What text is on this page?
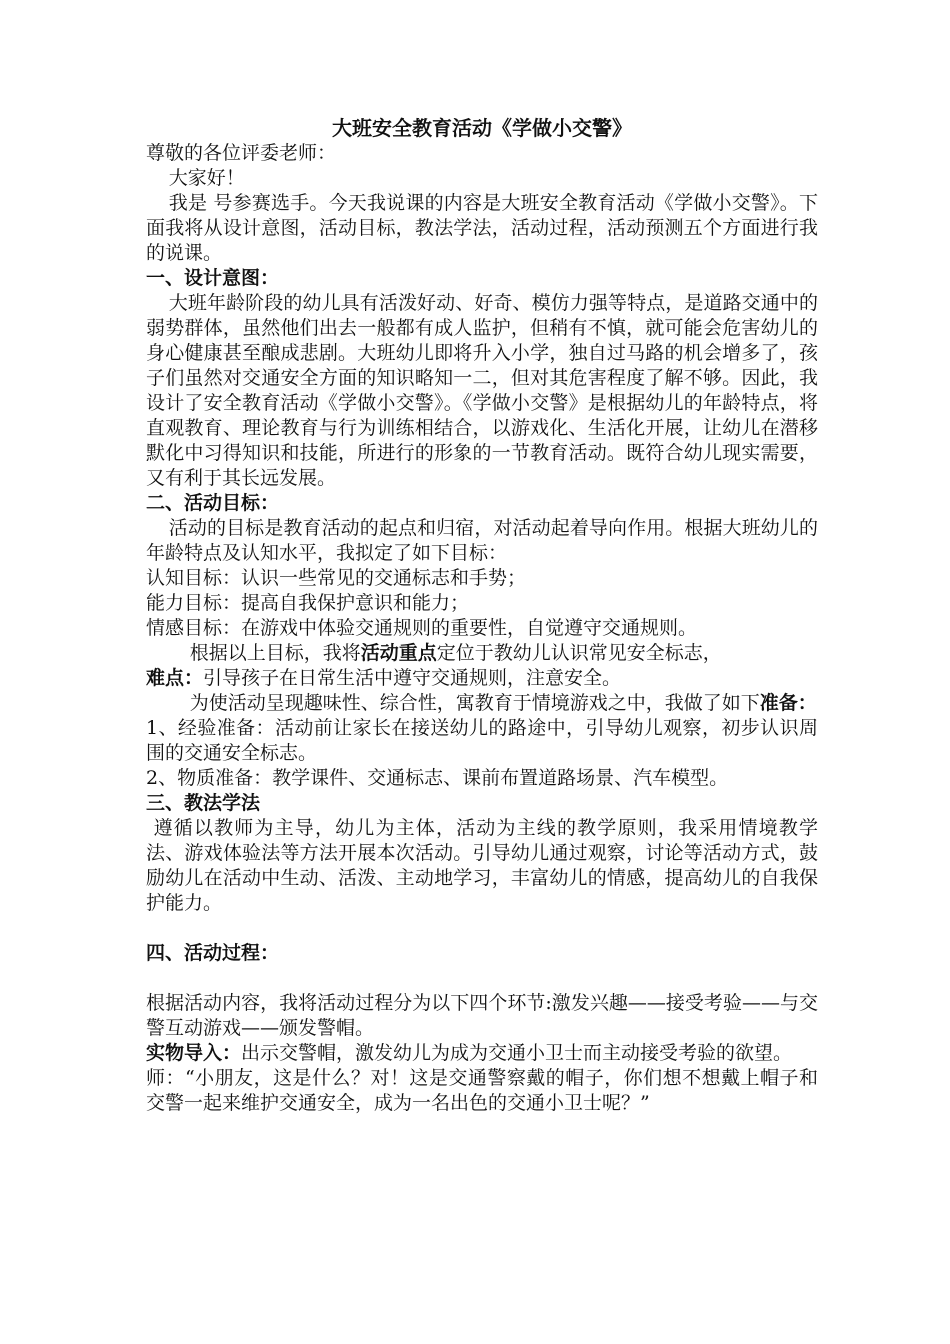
大班安全教育活动《学做小交警》

尊敬的各位评委老师：

大家好！

我是 号参赛选手。今天我说课的内容是大班安全教育活动《学做小交警》。下面我将从设计意图，活动目标，教法学法，活动过程，活动预测五个方面进行我的说课。

一、设计意图：

大班年龄阶段的幼儿具有活泼好动、好奇、模仿力强等特点，是道路交通中的弱势群体，虽然他们出去一般都有成人监护，但稍有不慎，就可能会危害幼儿的身心健康甚至酿成悲剧。大班幼儿即将升入小学，独自过马路的机会增多了，孩子们虽然对交通安全方面的知识略知一二，但对其危害程度了解不够。因此，我设计了安全教育活动《学做小交警》。《学做小交警》是根据幼儿的年龄特点，将直观教育、理论教育与行为训练相结合，以游戏化、生活化开展，让幼儿在潜移默化中习得知识和技能，所进行的形象的一节教育活动。既符合幼儿现实需要，又有利于其长远发展。

二、活动目标：

活动的目标是教育活动的起点和归宿，对活动起着导向作用。根据大班幼儿的年龄特点及认知水平，我拟定了如下目标：

认知目标：认识一些常见的交通标志和手势；

能力目标：提高自我保护意识和能力；

情感目标：在游戏中体验交通规则的重要性，自觉遵守交通规则。

根据以上目标，我将活动重点定位于教幼儿认识常见安全标志，

难点：引导孩子在日常生活中遵守交通规则，注意安全。

为使活动呈现趣味性、综合性，寓教育于情境游戏之中，我做了如下准备：

1、经验准备：活动前让家长在接送幼儿的路途中，引导幼儿观察，初步认识周围的交通安全标志。

2、物质准备：教学课件、交通标志、课前布置道路场景、汽车模型。

三、教法学法

遵循以教师为主导，幼儿为主体，活动为主线的教学原则，我采用情境教学法、游戏体验法等方法开展本次活动。引导幼儿通过观察，讨论等活动方式，鼓励幼儿在活动中生动、活泼、主动地学习，丰富幼儿的情感，提高幼儿的自我保护能力。

四、活动过程：

根据活动内容，我将活动过程分为以下四个环节:激发兴趣——接受考验——与交警互动游戏——颁发警帽。

实物导入：出示交警帽，激发幼儿为成为交通小卫士而主动接受考验的欲望。

师：“小朋友，这是什么？对！这是交通警察戴的帽子，你们想不想戴上帽子和交警一起来维护交通安全，成为一名出色的交通小卫士呢？”
